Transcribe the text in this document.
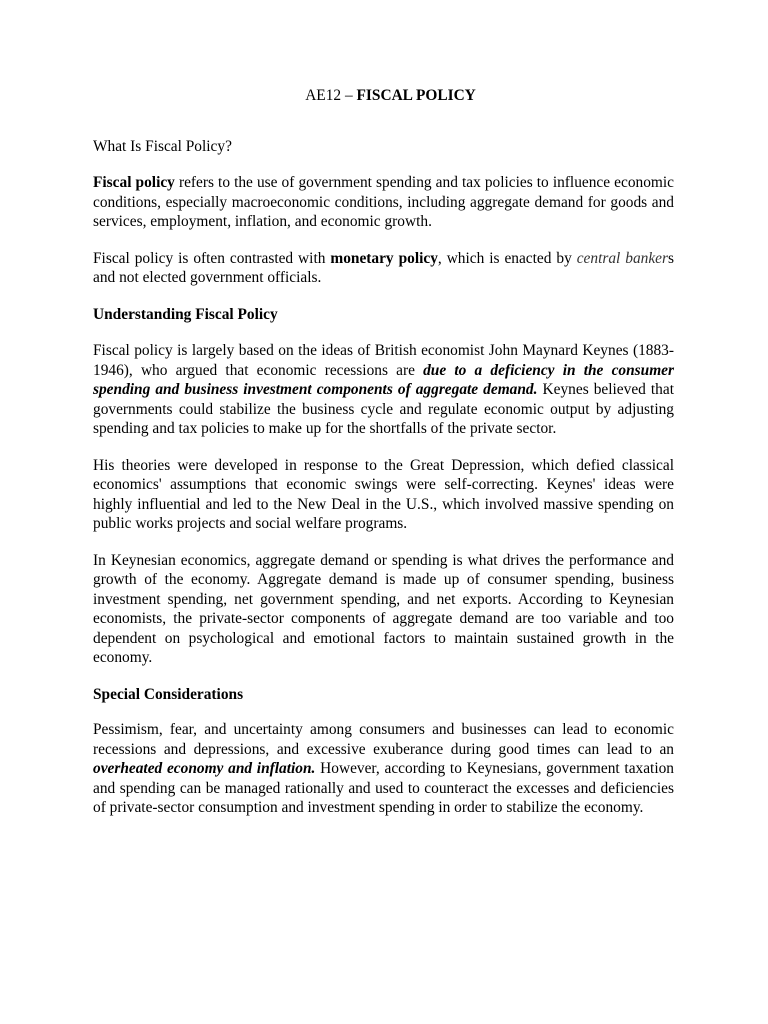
AE12 – FISCAL POLICY

What Is Fiscal Policy?

Fiscal policy refers to the use of government spending and tax policies to influence economic conditions, especially macroeconomic conditions, including aggregate demand for goods and services, employment, inflation, and economic growth.

Fiscal policy is often contrasted with monetary policy, which is enacted by central bankers and not elected government officials.

Understanding Fiscal Policy

Fiscal policy is largely based on the ideas of British economist John Maynard Keynes (1883-1946), who argued that economic recessions are due to a deficiency in the consumer spending and business investment components of aggregate demand. Keynes believed that governments could stabilize the business cycle and regulate economic output by adjusting spending and tax policies to make up for the shortfalls of the private sector.

His theories were developed in response to the Great Depression, which defied classical economics' assumptions that economic swings were self-correcting. Keynes' ideas were highly influential and led to the New Deal in the U.S., which involved massive spending on public works projects and social welfare programs.

In Keynesian economics, aggregate demand or spending is what drives the performance and growth of the economy. Aggregate demand is made up of consumer spending, business investment spending, net government spending, and net exports. According to Keynesian economists, the private-sector components of aggregate demand are too variable and too dependent on psychological and emotional factors to maintain sustained growth in the economy.

Special Considerations

Pessimism, fear, and uncertainty among consumers and businesses can lead to economic recessions and depressions, and excessive exuberance during good times can lead to an overheated economy and inflation. However, according to Keynesians, government taxation and spending can be managed rationally and used to counteract the excesses and deficiencies of private-sector consumption and investment spending in order to stabilize the economy.
